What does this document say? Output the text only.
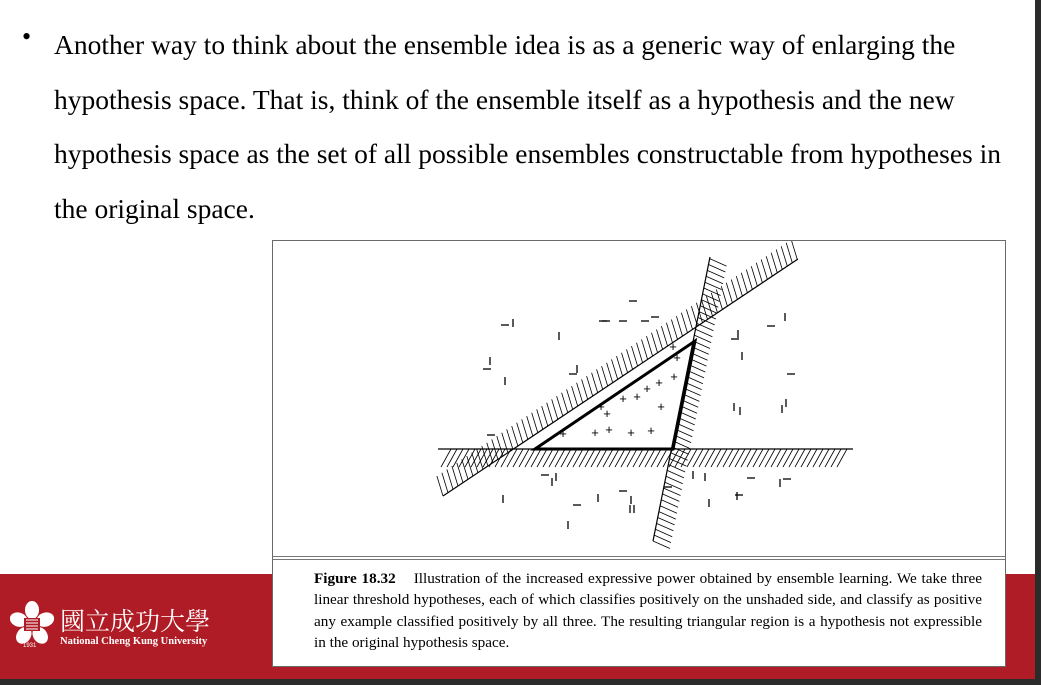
• Another way to think about the ensemble idea is as a generic way of enlarging the hypothesis space. That is, think of the ensemble itself as a hypothesis and the new hypothesis space as the set of all possible ensembles constructable from hypotheses in the original space.
1931
國立成功大學
National Cheng Kung University
+ + + + +
+
+ +
+
+
+ + +
+
+
Figure 18.32 Illustration of the increased expressive power obtained by ensemble learning. We take three linear threshold hypotheses, each of which classifies positively on the unshaded side, and classify as positive any example classified positively by all three. The resulting triangular region is a hypothesis not expressible in the original hypothesis space.
